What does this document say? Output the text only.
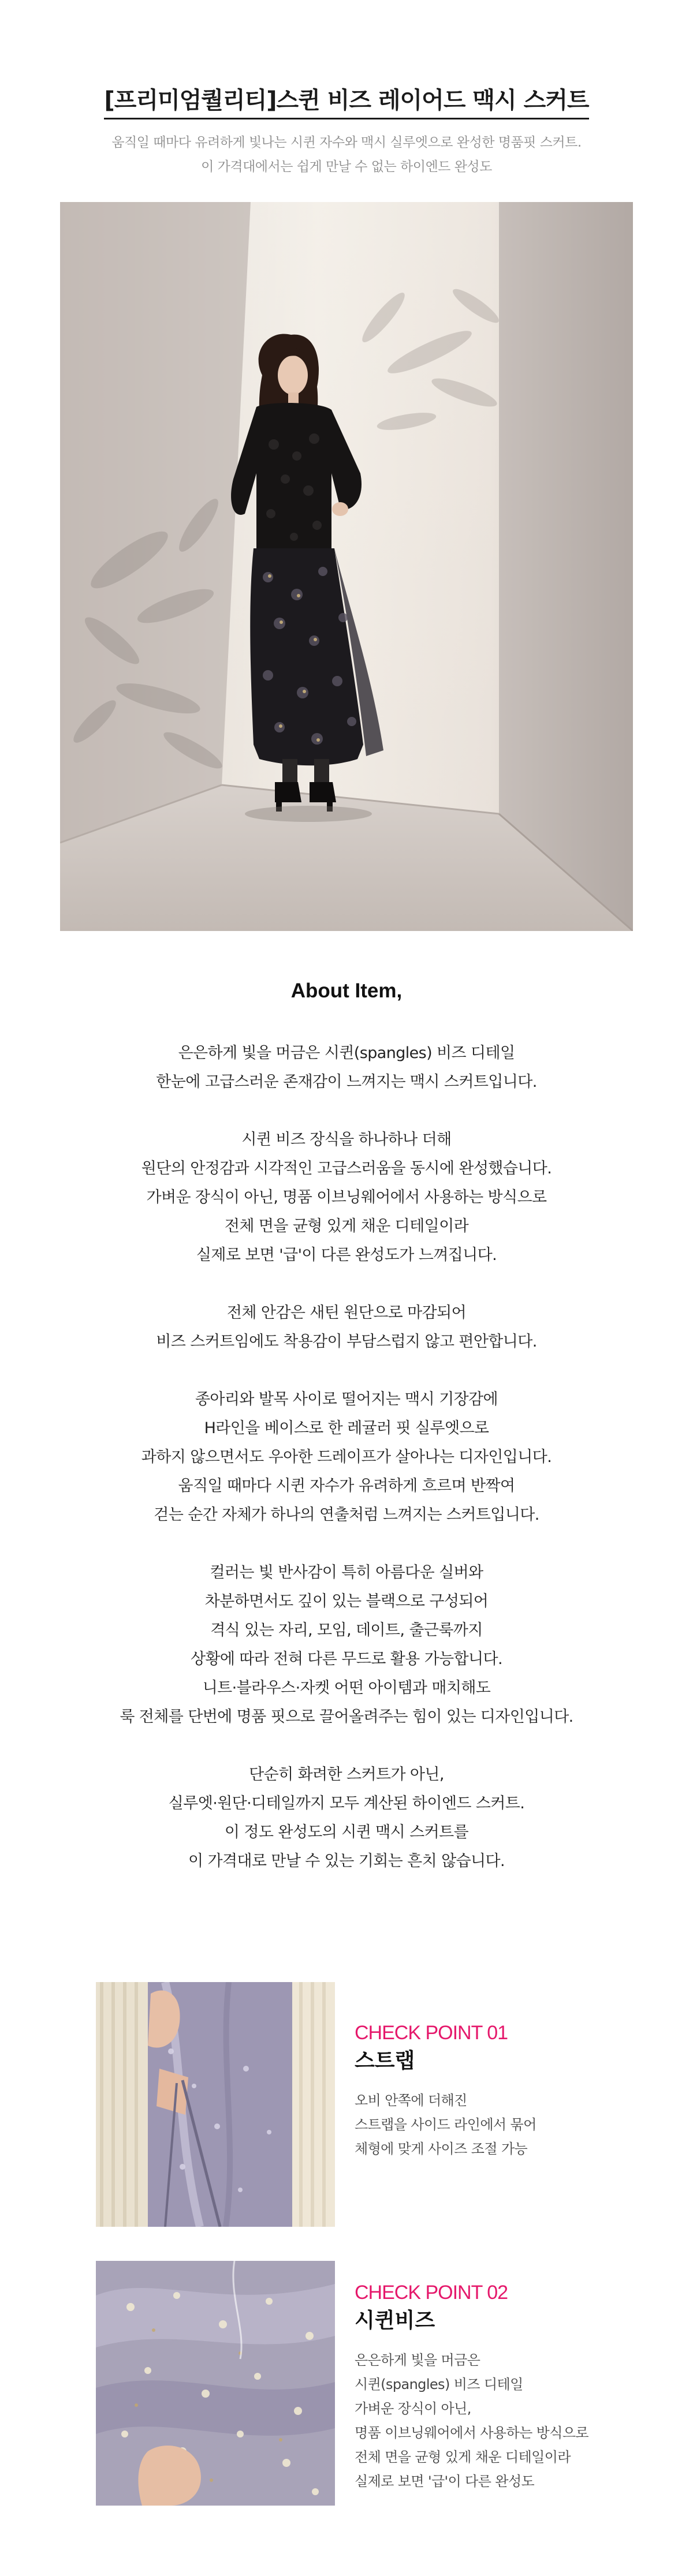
[프리미엄퀄리티]스퀸 비즈 레이어드 맥시 스커트
움직일 때마다 유려하게 빛나는 시퀸 자수와 맥시 실루엣으로 완성한 명품핏 스커트.
이 가격대에서는 쉽게 만날 수 없는 하이엔드 완성도
About Item,
은은하게 빛을 머금은 시퀸(spangles) 비즈 디테일
한눈에 고급스러운 존재감이 느껴지는 맥시 스커트입니다.
시퀸 비즈 장식을 하나하나 더해
원단의 안정감과 시각적인 고급스러움을 동시에 완성했습니다.
가벼운 장식이 아닌, 명품 이브닝웨어에서 사용하는 방식으로
전체 면을 균형 있게 채운 디테일이라
실제로 보면 '급'이 다른 완성도가 느껴집니다.
전체 안감은 새틴 원단으로 마감되어
비즈 스커트임에도 착용감이 부담스럽지 않고 편안합니다.
종아리와 발목 사이로 떨어지는 맥시 기장감에
H라인을 베이스로 한 레귤러 핏 실루엣으로
과하지 않으면서도 우아한 드레이프가 살아나는 디자인입니다.
움직일 때마다 시퀸 자수가 유려하게 흐르며 반짝여
걷는 순간 자체가 하나의 연출처럼 느껴지는 스커트입니다.
컬러는 빛 반사감이 특히 아름다운 실버와
차분하면서도 깊이 있는 블랙으로 구성되어
격식 있는 자리, 모임, 데이트, 출근룩까지
상황에 따라 전혀 다른 무드로 활용 가능합니다.
니트·블라우스·자켓 어떤 아이템과 매치해도
룩 전체를 단번에 명품 핏으로 끌어올려주는 힘이 있는 디자인입니다.
단순히 화려한 스커트가 아닌,
실루엣·원단·디테일까지 모두 계산된 하이엔드 스커트.
이 정도 완성도의 시퀸 맥시 스커트를
이 가격대로 만날 수 있는 기회는 흔치 않습니다.
CHECK POINT 01
스트랩
오비 안쪽에 더해진
스트랩을 사이드 라인에서 묶어
체형에 맞게 사이즈 조절 가능
CHECK POINT 02
시퀸비즈
은은하게 빛을 머금은
시퀸(spangles) 비즈 디테일
가벼운 장식이 아닌,
명품 이브닝웨어에서 사용하는 방식으로
전체 면을 균형 있게 채운 디테일이라
실제로 보면 '급'이 다른 완성도
